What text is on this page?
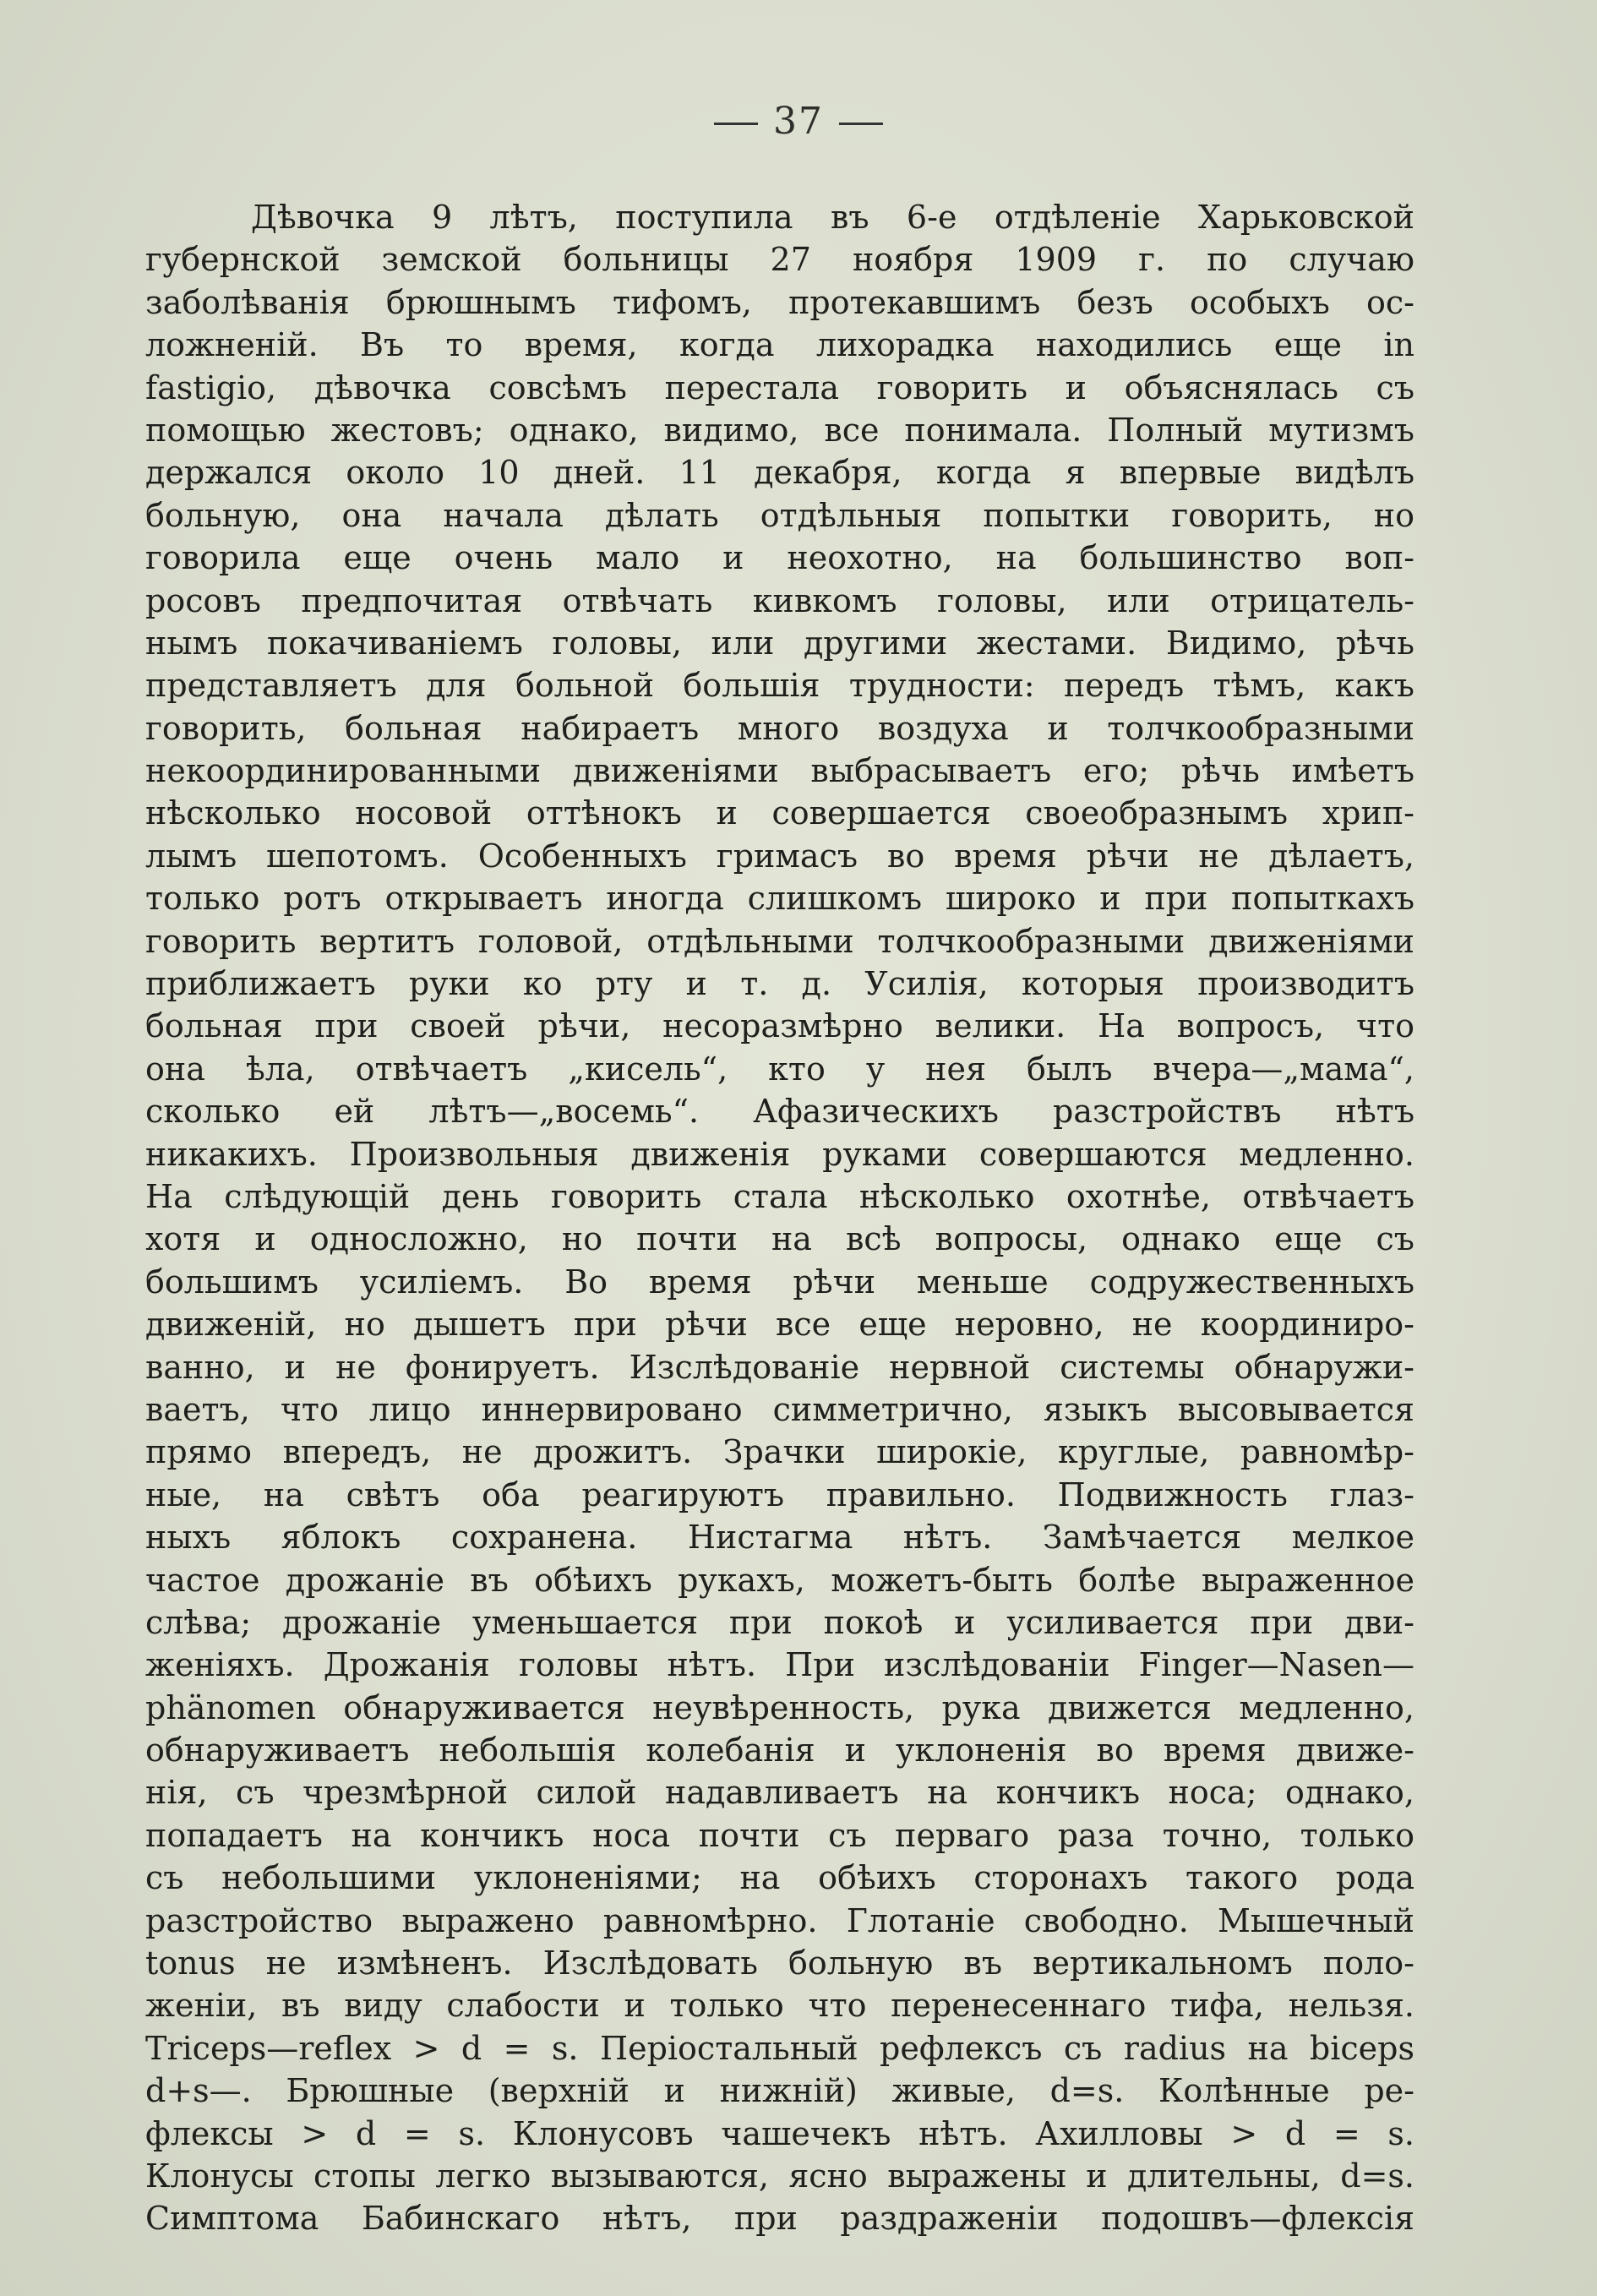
37
Дѣвочка 9 лѣтъ, поступила въ 6-е отдѣленіе Харьковской
губернской земской больницы 27 ноября 1909 г. по случаю
заболѣванія брюшнымъ тифомъ, протекавшимъ безъ особыхъ ос-
ложненій. Въ то время, когда лихорадка находились еще in
fastigio, дѣвочка совсѣмъ перестала говорить и объяснялась съ
помощью жестовъ; однако, видимо, все понимала. Полный мутизмъ
держался около 10 дней. 11 декабря, когда я впервые видѣлъ
больную, она начала дѣлать отдѣльныя попытки говорить, но
говорила еще очень мало и неохотно, на большинство воп-
росовъ предпочитая отвѣчать кивкомъ головы, или отрицатель-
нымъ покачиваніемъ головы, или другими жестами. Видимо, рѣчь
представляетъ для больной большія трудности: передъ тѣмъ, какъ
говорить, больная набираетъ много воздуха и толчкообразными
некоординированными движеніями выбрасываетъ его; рѣчь имѣетъ
нѣсколько носовой оттѣнокъ и совершается своеобразнымъ хрип-
лымъ шепотомъ. Особенныхъ гримасъ во время рѣчи не дѣлаетъ,
только ротъ открываетъ иногда слишкомъ широко и при попыткахъ
говорить вертитъ головой, отдѣльными толчкообразными движеніями
приближаетъ руки ко рту и т. д. Усилія, которыя производитъ
больная при своей рѣчи, несоразмѣрно велики. На вопросъ, что
она ѣла, отвѣчаетъ „кисель“, кто у нея былъ вчера—„мама“,
сколько ей лѣтъ—„восемь“. Афазическихъ разстройствъ нѣтъ
никакихъ. Произвольныя движенія руками совершаются медленно.
На слѣдующій день говорить стала нѣсколько охотнѣе, отвѣчаетъ
хотя и односложно, но почти на всѣ вопросы, однако еще съ
большимъ усиліемъ. Во время рѣчи меньше содружественныхъ
движеній, но дышетъ при рѣчи все еще неровно, не координиро-
ванно, и не фонируетъ. Изслѣдованіе нервной системы обнаружи-
ваетъ, что лицо иннервировано симметрично, языкъ высовывается
прямо впередъ, не дрожитъ. Зрачки широкіе, круглые, равномѣр-
ные, на свѣтъ оба реагируютъ правильно. Подвижность глаз-
ныхъ яблокъ сохранена. Нистагма нѣтъ. Замѣчается мелкое
частое дрожаніе въ обѣихъ рукахъ, можетъ-быть болѣе выраженное
слѣва; дрожаніе уменьшается при покоѣ и усиливается при дви-
женіяхъ. Дрожанія головы нѣтъ. При изслѣдованіи Finger—Nasen—
phänomen обнаруживается неувѣренность, рука движется медленно,
обнаруживаетъ небольшія колебанія и уклоненія во время движе-
нія, съ чрезмѣрной силой надавливаетъ на кончикъ носа; однако,
попадаетъ на кончикъ носа почти съ перваго раза точно, только
съ небольшими уклоненіями; на обѣихъ сторонахъ такого рода
разстройство выражено равномѣрно. Глотаніе свободно. Мышечный
tonus не измѣненъ. Изслѣдовать больную въ вертикальномъ поло-
женіи, въ виду слабости и только что перенесеннаго тифа, нельзя.
Triceps—reflex > d = s. Періостальный рефлексъ съ radius на biceps
d+s—. Брюшные (верхній и нижній) живые, d=s. Колѣнные ре-
флексы > d = s. Клонусовъ чашечекъ нѣтъ. Ахилловы > d = s.
Клонусы стопы легко вызываются, ясно выражены и длительны, d=s.
Симптома Бабинскаго нѣтъ, при раздраженіи подошвъ—флексія
